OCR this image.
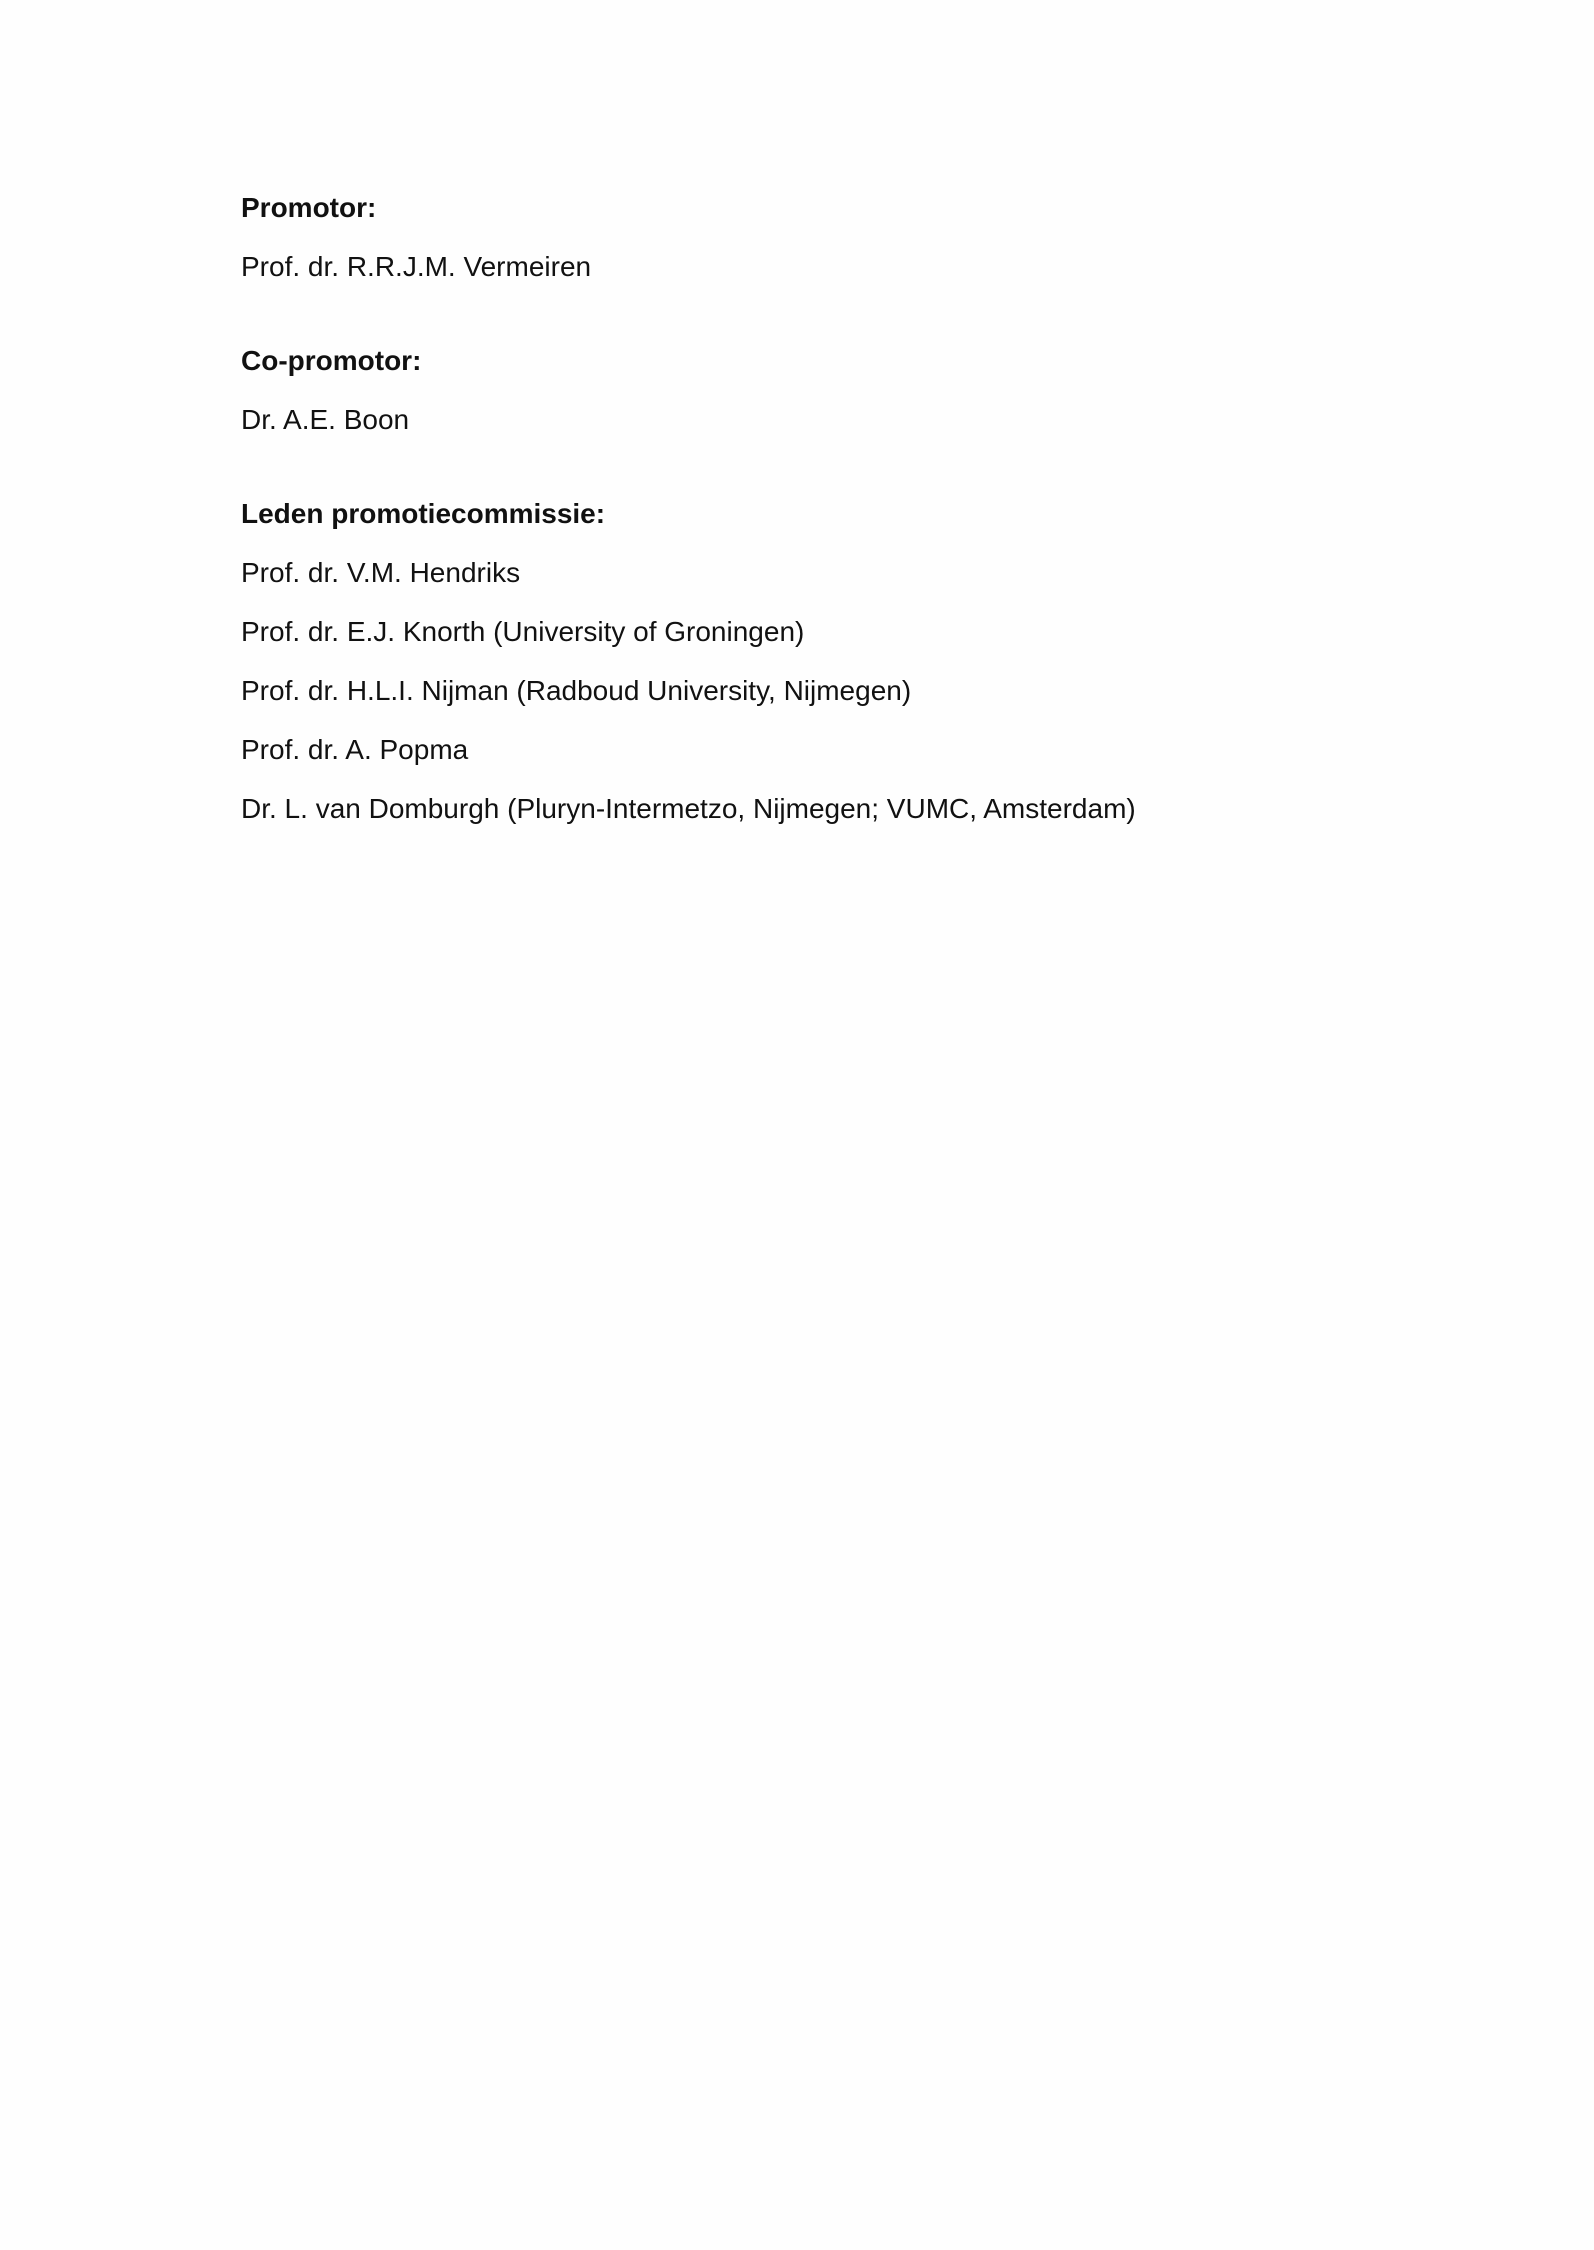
Promotor:
Prof. dr. R.R.J.M. Vermeiren
Co-promotor:
Dr. A.E. Boon
Leden promotiecommissie:
Prof. dr. V.M. Hendriks
Prof. dr. E.J. Knorth (University of Groningen)
Prof. dr. H.L.I. Nijman (Radboud University, Nijmegen)
Prof. dr. A. Popma
Dr. L. van Domburgh (Pluryn-Intermetzo, Nijmegen; VUMC, Amsterdam)
